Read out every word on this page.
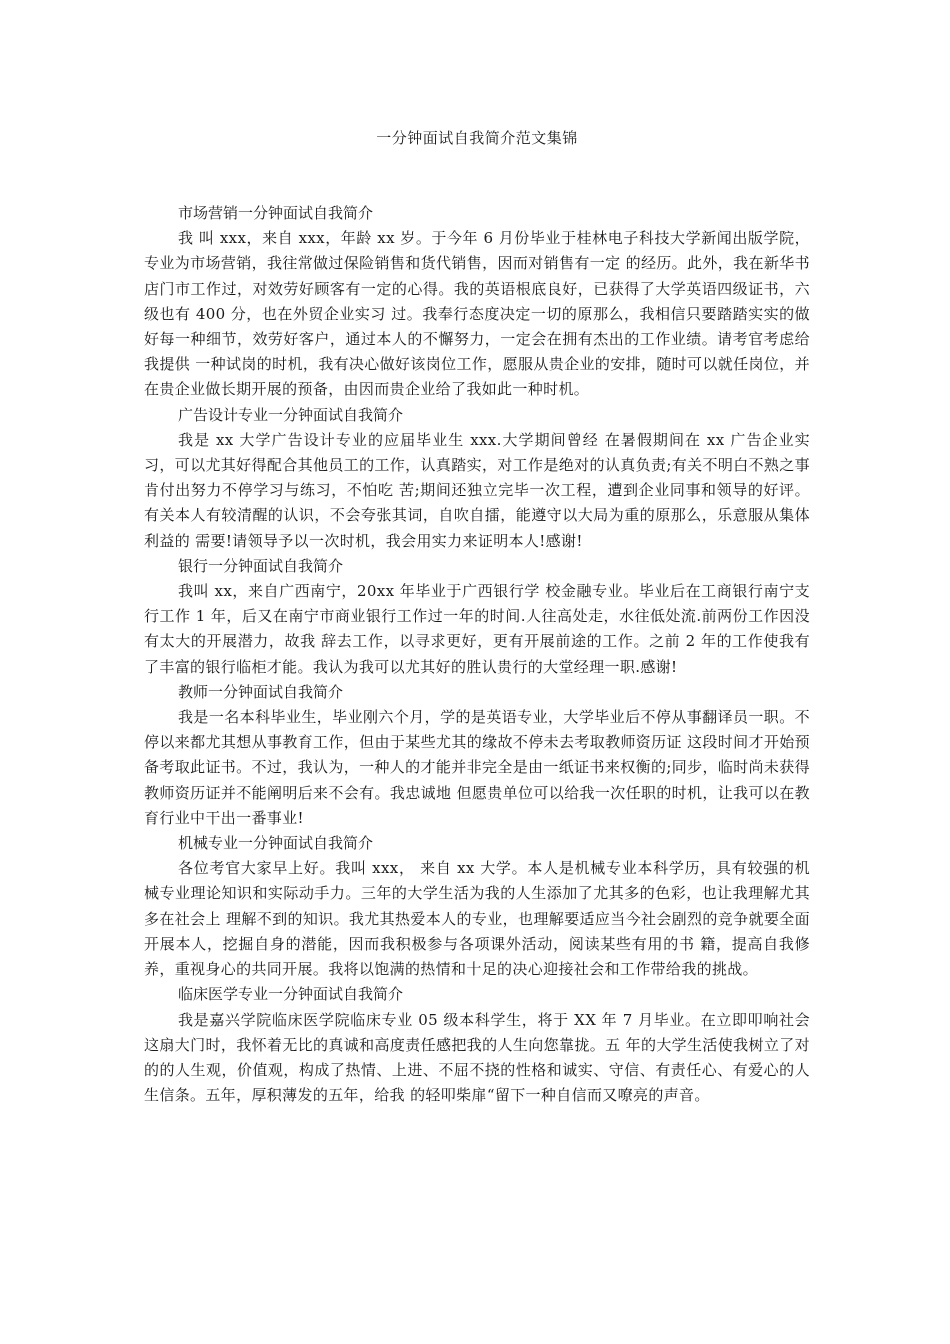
一分钟面试自我简介范文集锦
市场营销一分钟面试自我简介

我 叫 xxx，来自 xxx，年龄 xx 岁。于今年 6 月份毕业于桂林电子科技大学新闻出版学院，专业为市场营销，我往常做过保险销售和货代销售，因而对销售有一定 的经历。此外，我在新华书店门市工作过，对效劳好顾客有一定的心得。我的英语根底良好，已获得了大学英语四级证书，六级也有 400 分，也在外贸企业实习 过。我奉行态度决定一切的原那么，我相信只要踏踏实实的做好每一种细节，效劳好客户，通过本人的不懈努力，一定会在拥有杰出的工作业绩。请考官考虑给我提供 一种试岗的时机，我有决心做好该岗位工作，愿服从贵企业的安排，随时可以就任岗位，并在贵企业做长期开展的预备，由因而贵企业给了我如此一种时机。

广告设计专业一分钟面试自我简介

我是 xx 大学广告设计专业的应届毕业生 xxx.大学期间曾经 在暑假期间在 xx 广告企业实习，可以尤其好得配合其他员工的工作，认真踏实，对工作是绝对的认真负责;有关不明白不熟之事肯付出努力不停学习与练习，不怕吃 苦;期间还独立完毕一次工程，遭到企业同事和领导的好评。有关本人有较清醒的认识，不会夸张其词，自吹自擂，能遵守以大局为重的原那么，乐意服从集体利益的 需要!请领导予以一次时机，我会用实力来证明本人!感谢!

银行一分钟面试自我简介

我叫 xx，来自广西南宁，20xx 年毕业于广西银行学 校金融专业。毕业后在工商银行南宁支行工作 1 年，后又在南宁市商业银行工作过一年的时间.人往高处走，水往低处流.前两份工作因没有太大的开展潜力，故我 辞去工作，以寻求更好，更有开展前途的工作。之前 2 年的工作使我有了丰富的银行临柜才能。我认为我可以尤其好的胜认贵行的大堂经理一职.感谢!

教师一分钟面试自我简介

我是一名本科毕业生，毕业刚六个月，学的是英语专业，大学毕业后不停从事翻译员一职。不停以来都尤其想从事教育工作，但由于某些尤其的缘故不停未去考取教师资历证 这段时间才开始预备考取此证书。不过，我认为，一种人的才能并非完全是由一纸证书来权衡的;同步，临时尚未获得教师资历证并不能阐明后来不会有。我忠诚地 但愿贵单位可以给我一次任职的时机，让我可以在教育行业中干出一番事业!

机械专业一分钟面试自我简介

各位考官大家早上好。我叫 xxx， 来自 xx 大学。本人是机械专业本科学历，具有较强的机械专业理论知识和实际动手力。三年的大学生活为我的人生添加了尤其多的色彩，也让我理解尤其多在社会上 理解不到的知识。我尤其热爱本人的专业，也理解要适应当今社会剧烈的竞争就要全面开展本人，挖掘自身的潜能，因而我积极参与各项课外活动，阅读某些有用的书 籍，提高自我修养，重视身心的共同开展。我将以饱满的热情和十足的决心迎接社会和工作带给我的挑战。

临床医学专业一分钟面试自我简介

我是嘉兴学院临床医学院临床专业 05 级本科学生，将于 XX 年 7 月毕业。在立即叩响社会这扇大门时，我怀着无比的真诚和高度责任感把我的人生向您靠拢。五 年的大学生活使我树立了对的的人生观，价值观，构成了热情、上进、不屈不挠的性格和诚实、守信、有责任心、有爱心的人生信条。五年，厚积薄发的五年，给我 的轻叩柴扉“留下一种自信而又嘹亮的声音。
